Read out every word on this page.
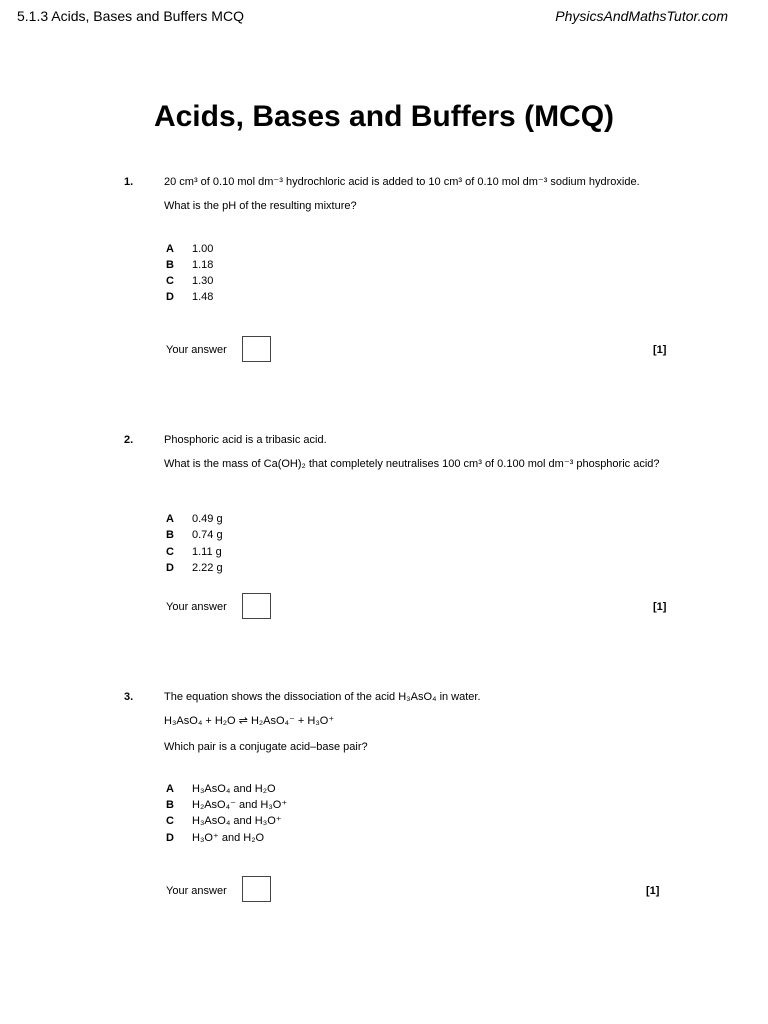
5.1.3 Acids, Bases and Buffers MCQ	PhysicsAndMathsTutor.com
Acids, Bases and Buffers (MCQ)
1.	20 cm³ of 0.10 mol dm⁻³ hydrochloric acid is added to 10 cm³ of 0.10 mol dm⁻³ sodium hydroxide.
What is the pH of the resulting mixture?
A 1.00
B 1.18
C 1.30
D 1.48
Your answer	[1]
2.	Phosphoric acid is a tribasic acid.
What is the mass of Ca(OH)₂ that completely neutralises 100 cm³ of 0.100 mol dm⁻³ phosphoric acid?
A 0.49 g
B 0.74 g
C 1.11 g
D 2.22 g
Your answer	[1]
3.	The equation shows the dissociation of the acid H₃AsO₄ in water.
H₃AsO₄ + H₂O ⇌ H₂AsO₄⁻ + H₃O⁺
Which pair is a conjugate acid–base pair?
A H₃AsO₄ and H₂O
B H₂AsO₄⁻ and H₃O⁺
C H₃AsO₄ and H₃O⁺
D H₃O⁺ and H₂O
Your answer	[1]
